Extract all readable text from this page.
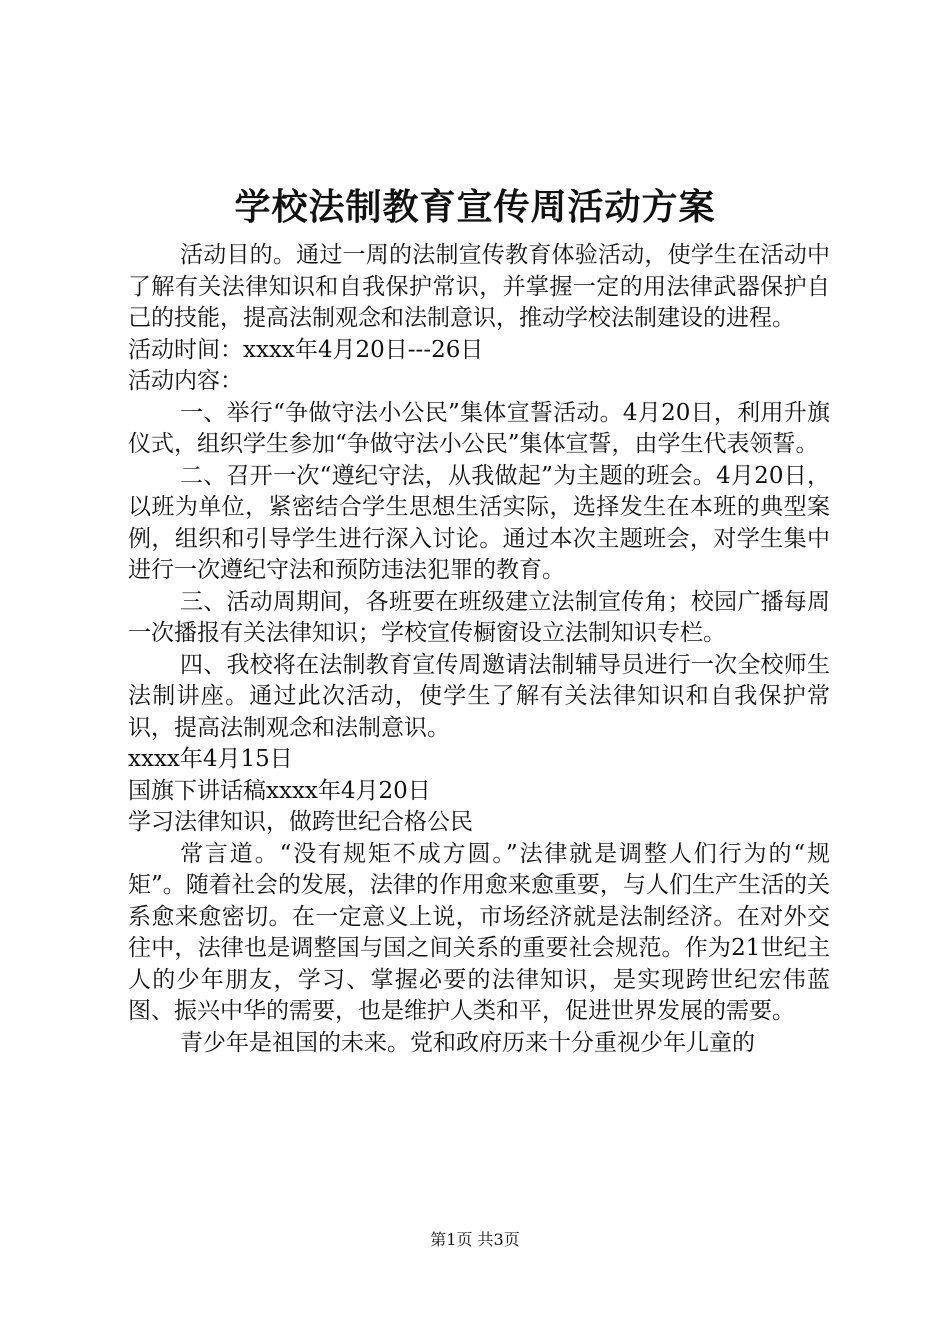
学校法制教育宣传周活动方案

活动目的。通过一周的法制宣传教育体验活动，使学生在活动中了解有关法律知识和自我保护常识，并掌握一定的用法律武器保护自己的技能，提高法制观念和法制意识，推动学校法制建设的进程。

活动时间：xxxx年4月20日---26日

活动内容：

一、举行“争做守法小公民”集体宣誓活动。4月20日，利用升旗仪式，组织学生参加“争做守法小公民”集体宣誓，由学生代表领誓。

二、召开一次“遵纪守法，从我做起”为主题的班会。4月20日，以班为单位，紧密结合学生思想生活实际，选择发生在本班的典型案例，组织和引导学生进行深入讨论。通过本次主题班会，对学生集中进行一次遵纪守法和预防违法犯罪的教育。

三、活动周期间，各班要在班级建立法制宣传角；校园广播每周一次播报有关法律知识；学校宣传橱窗设立法制知识专栏。

四、我校将在法制教育宣传周邀请法制辅导员进行一次全校师生法制讲座。通过此次活动，使学生了解有关法律知识和自我保护常识，提高法制观念和法制意识。

xxxx年4月15日

国旗下讲话稿xxxx年4月20日

学习法律知识，做跨世纪合格公民

常言道。“没有规矩不成方圆。”法律就是调整人们行为的“规矩”。随着社会的发展，法律的作用愈来愈重要，与人们生产生活的关系愈来愈密切。在一定意义上说，市场经济就是法制经济。在对外交往中，法律也是调整国与国之间关系的重要社会规范。作为21世纪主人的少年朋友，学习、掌握必要的法律知识，是实现跨世纪宏伟蓝图、振兴中华的需要，也是维护人类和平，促进世界发展的需要。

青少年是祖国的未来。党和政府历来十分重视少年儿童的

第1页 共3页
